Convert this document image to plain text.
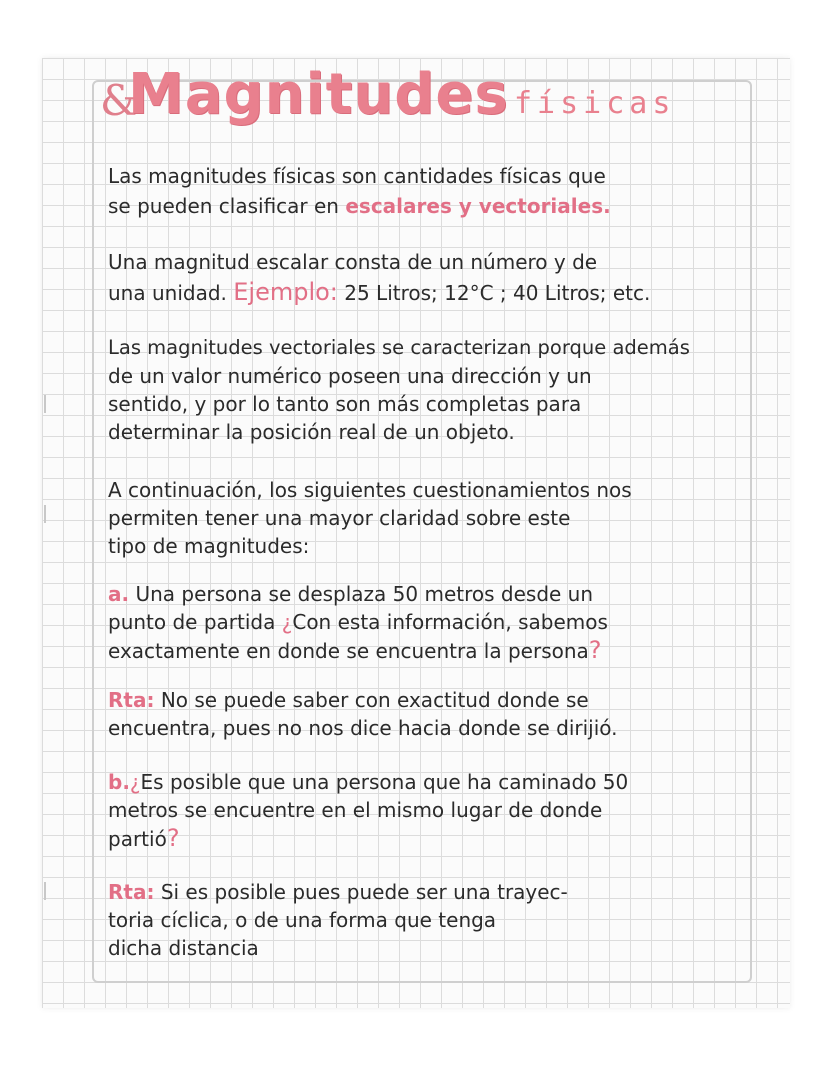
&
Magnitudes físicas
Las magnitudes físicas son cantidades físicas que
se pueden clasificar en escalares y vectoriales.
Una magnitud escalar consta de un número y de
una unidad. Ejemplo: 25 Litros; 12°C ; 40 Litros; etc.
Las magnitudes vectoriales se caracterizan porque además
de un valor numérico poseen una dirección y un
sentido, y por lo tanto son más completas para
determinar la posición real de un objeto.
A continuación, los siguientes cuestionamientos nos
permiten tener una mayor claridad sobre este
tipo de magnitudes:
a. Una persona se desplaza 50 metros desde un
punto de partida ¿Con esta información, sabemos
exactamente en donde se encuentra la persona?
Rta: No se puede saber con exactitud donde se
encuentra, pues no nos dice hacia donde se dirijió.
b.¿Es posible que una persona que ha caminado 50
metros se encuentre en el mismo lugar de donde
partió?
Rta: Si es posible pues puede ser una trayec-
toria cíclica, o de una forma que tenga
dicha distancia
